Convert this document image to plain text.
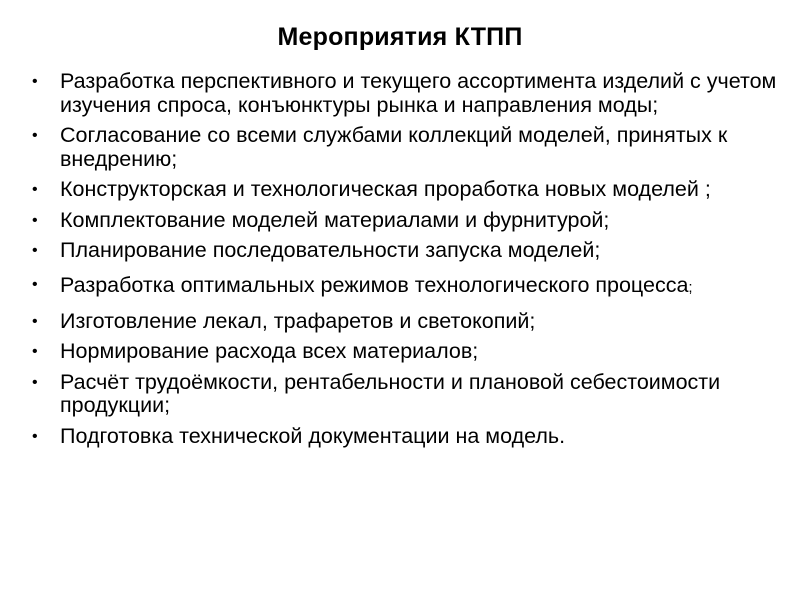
Мероприятия КТПП
• Разработка перспективного и текущего ассортимента изделий с учетом изучения спроса, конъюнктуры рынка и направления моды;
• Согласование со всеми службами коллекций моделей, принятых к внедрению;
• Конструкторская и технологическая проработка новых моделей ;
• Комплектование моделей материалами и фурнитурой;
• Планирование последовательности запуска моделей;
• Разработка оптимальных режимов технологического процесса;
• Изготовление лекал, трафаретов и светокопий;
• Нормирование расхода всех материалов;
• Расчёт трудоёмкости, рентабельности и плановой себестоимости продукции;
• Подготовка технической документации на модель.
